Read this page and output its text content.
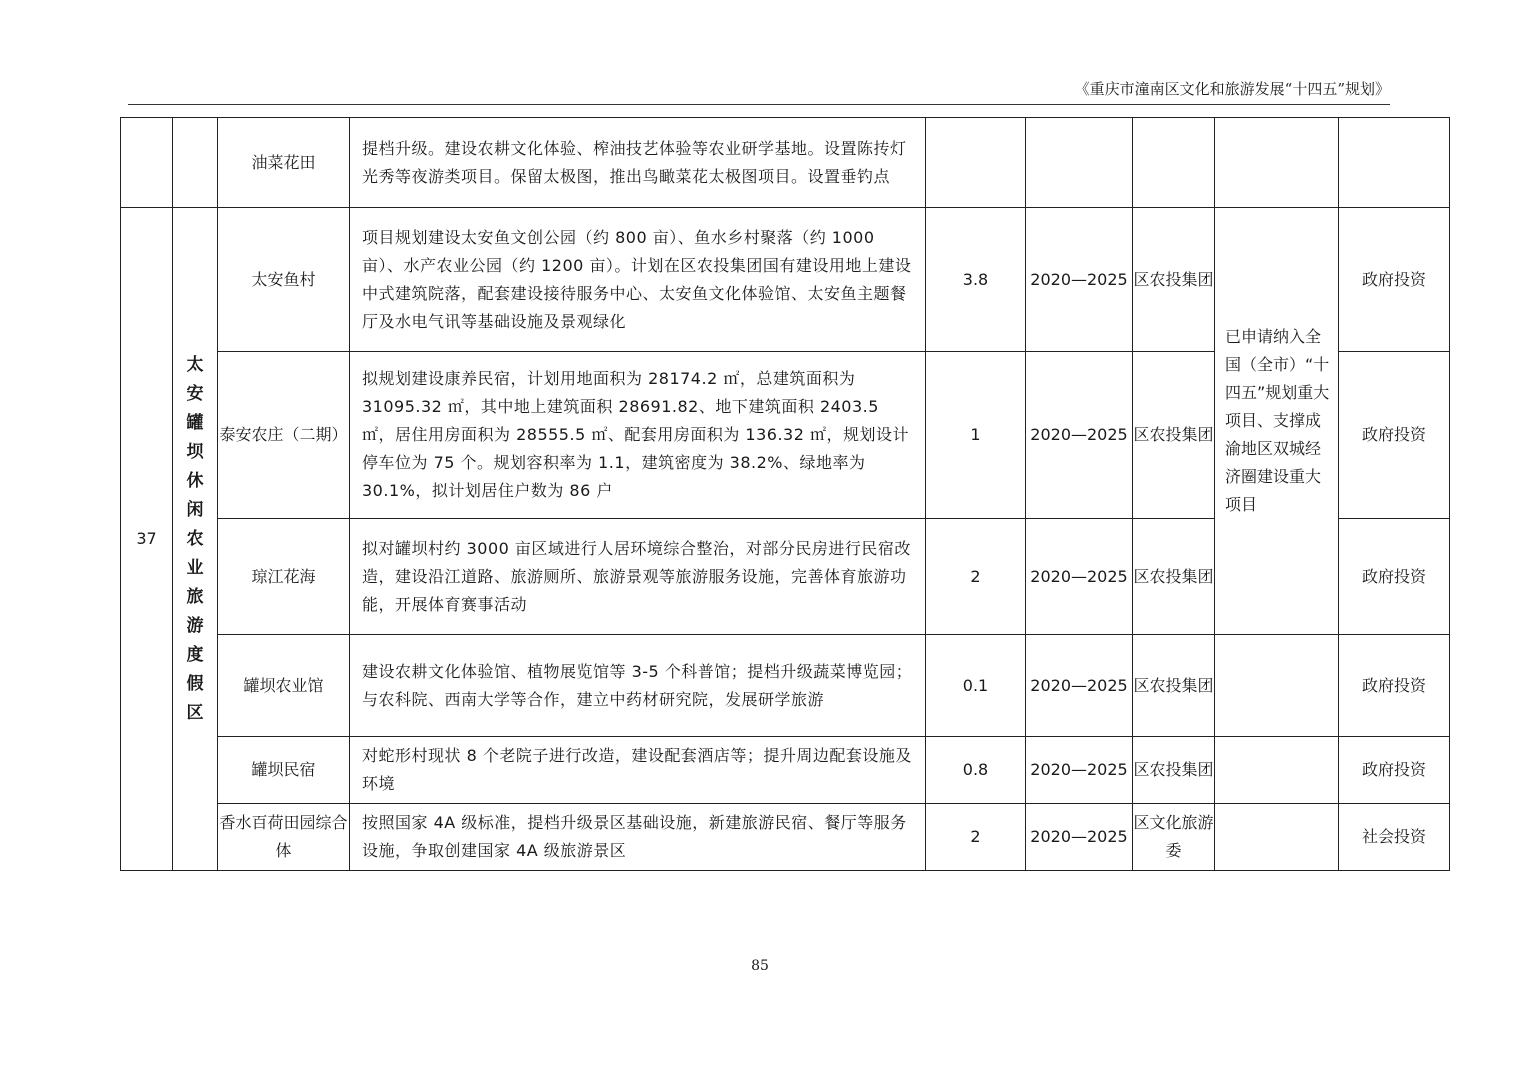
《重庆市潼南区文化和旅游发展“十四五”规划》
		油菜花田	提档升级。建设农耕文化体验、榨油技艺体验等农业研学基地。设置陈抟灯光秀等夜游类项目。保留太极图，推出鸟瞰菜花太极图项目。设置垂钓点					
37	太安罐坝休闲农业旅游度假区	太安鱼村	项目规划建设太安鱼文创公园（约 800 亩）、鱼水乡村聚落（约 1000 亩）、水产农业公园（约 1200 亩）。计划在区农投集团国有建设用地上建设中式建筑院落，配套建设接待服务中心、太安鱼文化体验馆、太安鱼主题餐厅及水电气讯等基础设施及景观绿化	3.8	2020—2025	区农投集团	已申请纳入全国（全市）“十四五”规划重大项目、支撑成渝地区双城经济圈建设重大项目	政府投资
		泰安农庄（二期）	拟规划建设康养民宿，计划用地面积为 28174.2 ㎡，总建筑面积为 31095.32 ㎡，其中地上建筑面积 28691.82、地下建筑面积 2403.5 ㎡，居住用房面积为 28555.5 ㎡、配套用房面积为 136.32 ㎡，规划设计停车位为 75 个。规划容积率为 1.1，建筑密度为 38.2%、绿地率为 30.1%，拟计划居住户数为 86 户	1	2020—2025	区农投集团		政府投资
		琼江花海	拟对罐坝村约 3000 亩区域进行人居环境综合整治，对部分民房进行民宿改造，建设沿江道路、旅游厕所、旅游景观等旅游服务设施，完善体育旅游功能，开展体育赛事活动	2	2020—2025	区农投集团		政府投资
		罐坝农业馆	建设农耕文化体验馆、植物展览馆等 3-5 个科普馆；提档升级蔬菜博览园；与农科院、西南大学等合作，建立中药材研究院，发展研学旅游	0.1	2020—2025	区农投集团		政府投资
		罐坝民宿	对蛇形村现状 8 个老院子进行改造，建设配套酒店等；提升周边配套设施及环境	0.8	2020—2025	区农投集团		政府投资
		香水百荷田园综合体	按照国家 4A 级标准，提档升级景区基础设施，新建旅游民宿、餐厅等服务设施，争取创建国家 4A 级旅游景区	2	2020—2025	区文化旅游委		社会投资
85
